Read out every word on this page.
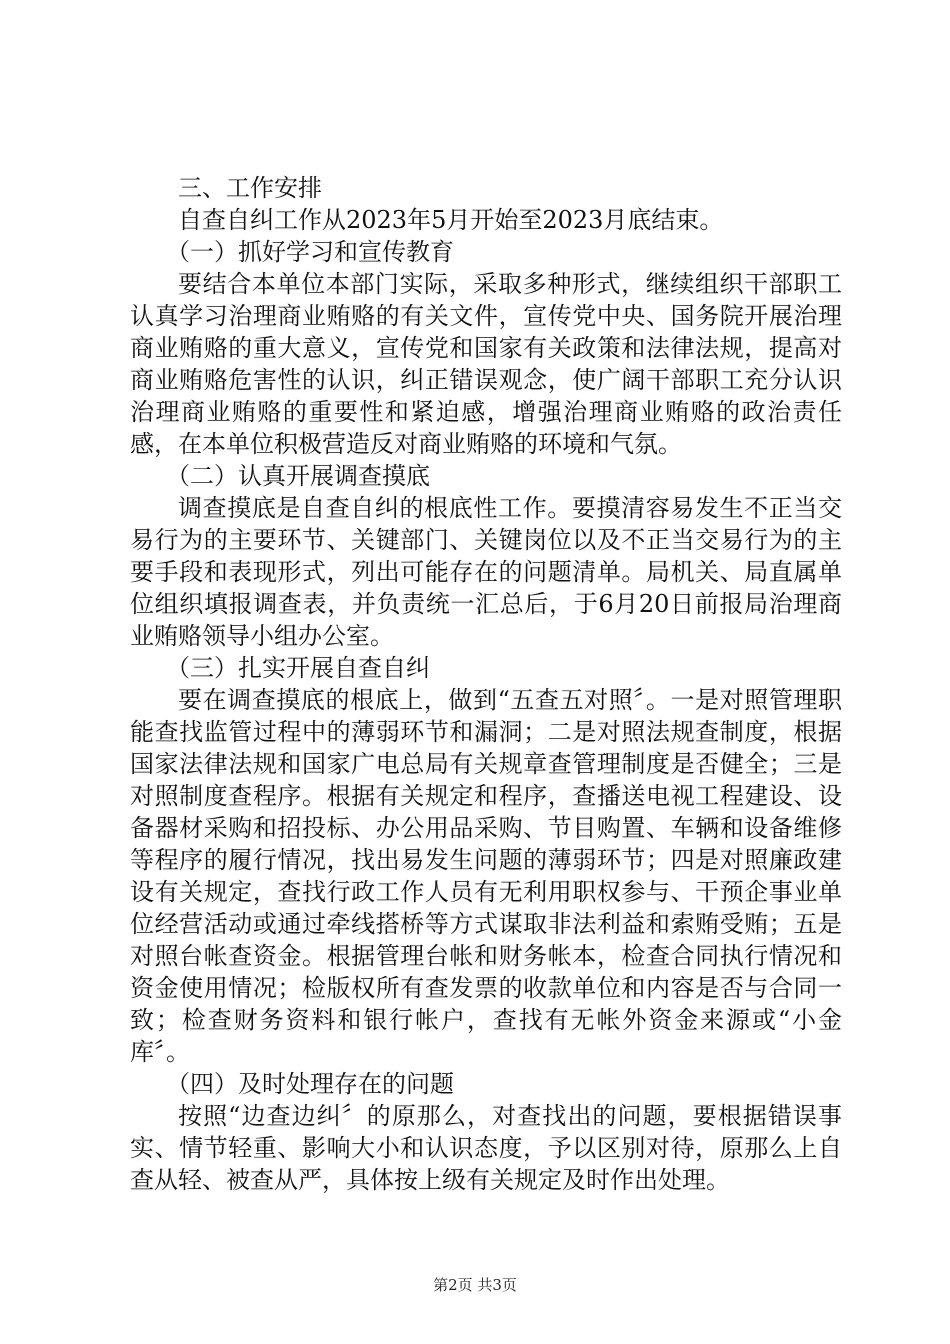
三、工作安排

自查自纠工作从2023年5月开始至2023月底结束。

（一）抓好学习和宣传教育

要结合本单位本部门实际，采取多种形式，继续组织干部职工认真学习治理商业贿赂的有关文件，宣传党中央、国务院开展治理商业贿赂的重大意义，宣传党和国家有关政策和法律法规，提高对商业贿赂危害性的认识，纠正错误观念，使广阔干部职工充分认识治理商业贿赂的重要性和紧迫感，增强治理商业贿赂的政治责任感，在本单位积极营造反对商业贿赂的环境和气氛。

（二）认真开展调查摸底

调查摸底是自查自纠的根底性工作。要摸清容易发生不正当交易行为的主要环节、关键部门、关键岗位以及不正当交易行为的主要手段和表现形式，列出可能存在的问题清单。局机关、局直属单位组织填报调查表，并负责统一汇总后，于6月20日前报局治理商业贿赂领导小组办公室。

（三）扎实开展自查自纠

要在调查摸底的根底上，做到“五查五对照〞。一是对照管理职能查找监管过程中的薄弱环节和漏洞；二是对照法规查制度，根据国家法律法规和国家广电总局有关规章查管理制度是否健全；三是对照制度查程序。根据有关规定和程序，查播送电视工程建设、设备器材采购和招投标、办公用品采购、节目购置、车辆和设备维修等程序的履行情况，找出易发生问题的薄弱环节；四是对照廉政建设有关规定，查找行政工作人员有无利用职权参与、干预企事业单位经营活动或通过牵线搭桥等方式谋取非法利益和索贿受贿；五是对照台帐查资金。根据管理台帐和财务帐本，检查合同执行情况和资金使用情况；检版权所有查发票的收款单位和内容是否与合同一致；检查财务资料和银行帐户，查找有无帐外资金来源或“小金库〞。

（四）及时处理存在的问题

按照“边查边纠〞的原那么，对查找出的问题，要根据错误事实、情节轻重、影响大小和认识态度，予以区别对待，原那么上自查从轻、被查从严，具体按上级有关规定及时作出处理。

第2页 共3页
